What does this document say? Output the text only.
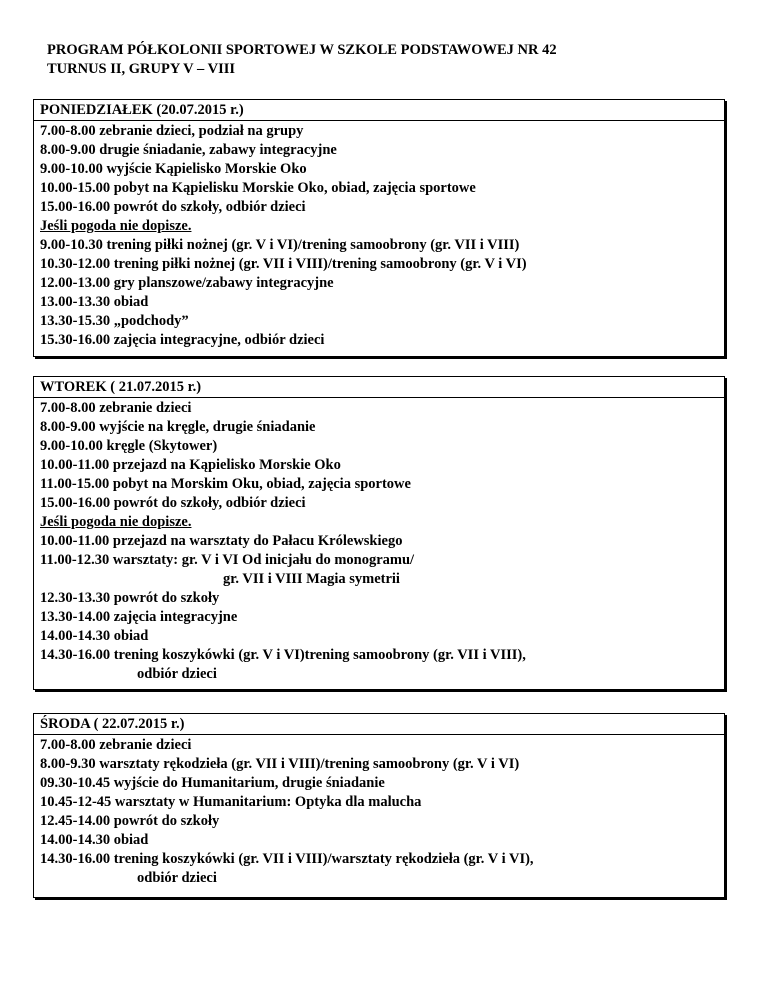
PROGRAM PÓŁKOLONII SPORTOWEJ W SZKOLE PODSTAWOWEJ NR 42
TURNUS II, GRUPY V – VIII
PONIEDZIAŁEK (20.07.2015 r.)
7.00-8.00 zebranie dzieci, podział na grupy
8.00-9.00 drugie śniadanie, zabawy integracyjne
9.00-10.00 wyjście Kąpielisko Morskie Oko
10.00-15.00 pobyt na Kąpielisku Morskie Oko, obiad, zajęcia sportowe
15.00-16.00 powrót do szkoły, odbiór dzieci
Jeśli pogoda nie dopisze.
9.00-10.30 trening piłki nożnej (gr. V i VI)/trening samoobrony (gr. VII i VIII)
10.30-12.00 trening piłki nożnej (gr. VII i VIII)/trening samoobrony (gr. V i VI)
12.00-13.00 gry planszowe/zabawy integracyjne
13.00-13.30 obiad
13.30-15.30 „podchody”
15.30-16.00 zajęcia integracyjne, odbiór dzieci
WTOREK ( 21.07.2015 r.)
7.00-8.00 zebranie dzieci
8.00-9.00 wyjście na kręgle, drugie śniadanie
9.00-10.00 kręgle (Skytower)
10.00-11.00 przejazd na Kąpielisko Morskie Oko
11.00-15.00 pobyt na Morskim Oku, obiad, zajęcia sportowe
15.00-16.00 powrót do szkoły, odbiór dzieci
Jeśli pogoda nie dopisze.
10.00-11.00 przejazd na warsztaty do Pałacu Królewskiego
11.00-12.30 warsztaty: gr. V i VI Od inicjału do monogramu/
gr. VII i VIII Magia symetrii
12.30-13.30 powrót do szkoły
13.30-14.00 zajęcia integracyjne
14.00-14.30 obiad
14.30-16.00 trening koszykówki (gr. V i VI)trening samoobrony (gr. VII i VIII),
odbiór dzieci
ŚRODA ( 22.07.2015 r.)
7.00-8.00 zebranie dzieci
8.00-9.30 warsztaty rękodzieła (gr. VII i VIII)/trening samoobrony (gr. V i VI)
09.30-10.45 wyjście do Humanitarium, drugie śniadanie
10.45-12-45 warsztaty w Humanitarium: Optyka dla malucha
12.45-14.00 powrót do szkoły
14.00-14.30 obiad
14.30-16.00 trening koszykówki (gr. VII i VIII)/warsztaty rękodzieła (gr. V i VI),
odbiór dzieci
